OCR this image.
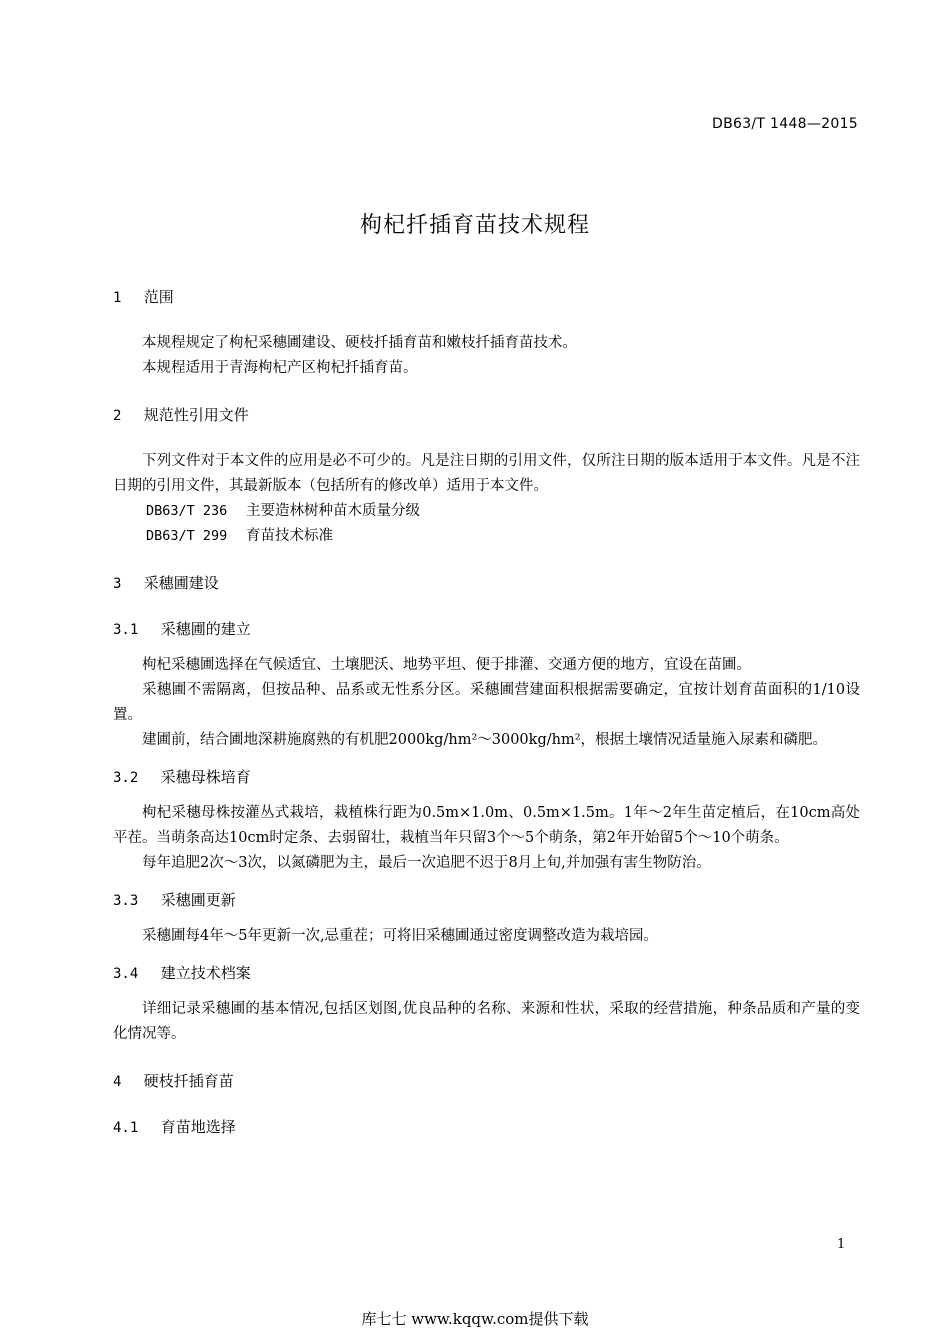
DB63/T 1448—2015
枸杞扦插育苗技术规程
1 范围

本规程规定了枸杞采穗圃建设、硬枝扦插育苗和嫩枝扦插育苗技术。

本规程适用于青海枸杞产区枸杞扦插育苗。

2 规范性引用文件

下列文件对于本文件的应用是必不可少的。凡是注日期的引用文件，仅所注日期的版本适用于本文件。凡是不注日期的引用文件，其最新版本（包括所有的修改单）适用于本文件。

DB63/T 236 主要造林树种苗木质量分级
DB63/T 299 育苗技术标准
3 采穗圃建设
3.1 采穗圃的建立

枸杞采穗圃选择在气候适宜、土壤肥沃、地势平坦、便于排灌、交通方便的地方，宜设在苗圃。

采穗圃不需隔离，但按品种、品系或无性系分区。采穗圃营建面积根据需要确定，宜按计划育苗面积的1/10设置。

建圃前，结合圃地深耕施腐熟的有机肥2000kg/hm²～3000kg/hm²，根据土壤情况适量施入尿素和磷肥。

3.2 采穗母株培育

枸杞采穗母株按灌丛式栽培，栽植株行距为0.5m×1.0m、0.5m×1.5m。1年～2年生苗定植后，在10cm高处平茬。当萌条高达10cm时定条、去弱留壮，栽植当年只留3个～5个萌条，第2年开始留5个～10个萌条。

每年追肥2次～3次，以氮磷肥为主，最后一次追肥不迟于8月上旬,并加强有害生物防治。

3.3 采穗圃更新

采穗圃每4年～5年更新一次,忌重茬；可将旧采穗圃通过密度调整改造为栽培园。

3.4 建立技术档案

详细记录采穗圃的基本情况,包括区划图,优良品种的名称、来源和性状，采取的经营措施，种条品质和产量的变化情况等。

4 硬枝扦插育苗
4.1 育苗地选择
1
库七七 www.kqqw.com提供下载
